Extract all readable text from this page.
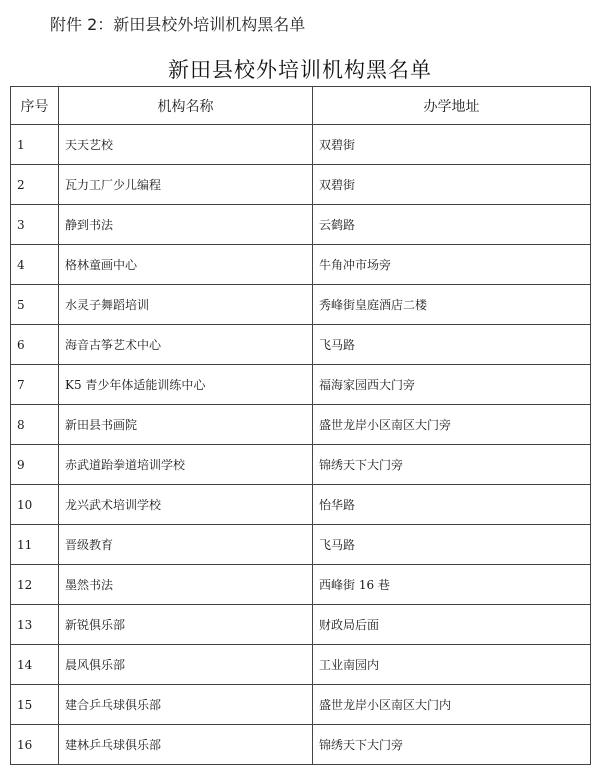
附件 2：新田县校外培训机构黑名单
新田县校外培训机构黑名单
序号	机构名称	办学地址
1	天天艺校	双碧街
2	瓦力工厂少儿编程	双碧街
3	静到书法	云鹤路
4	格林童画中心	牛角冲市场旁
5	水灵子舞蹈培训	秀峰街皇庭酒店二楼
6	海音古筝艺术中心	飞马路
7	K5 青少年体适能训练中心	福海家园西大门旁
8	新田县书画院	盛世龙岸小区南区大门旁
9	赤武道跆拳道培训学校	锦绣天下大门旁
10	龙兴武术培训学校	怡华路
11	晋级教育	飞马路
12	墨然书法	西峰街 16 巷
13	新锐俱乐部	财政局后面
14	晨风俱乐部	工业南园内
15	建合乒乓球俱乐部	盛世龙岸小区南区大门内
16	建林乒乓球俱乐部	锦绣天下大门旁
